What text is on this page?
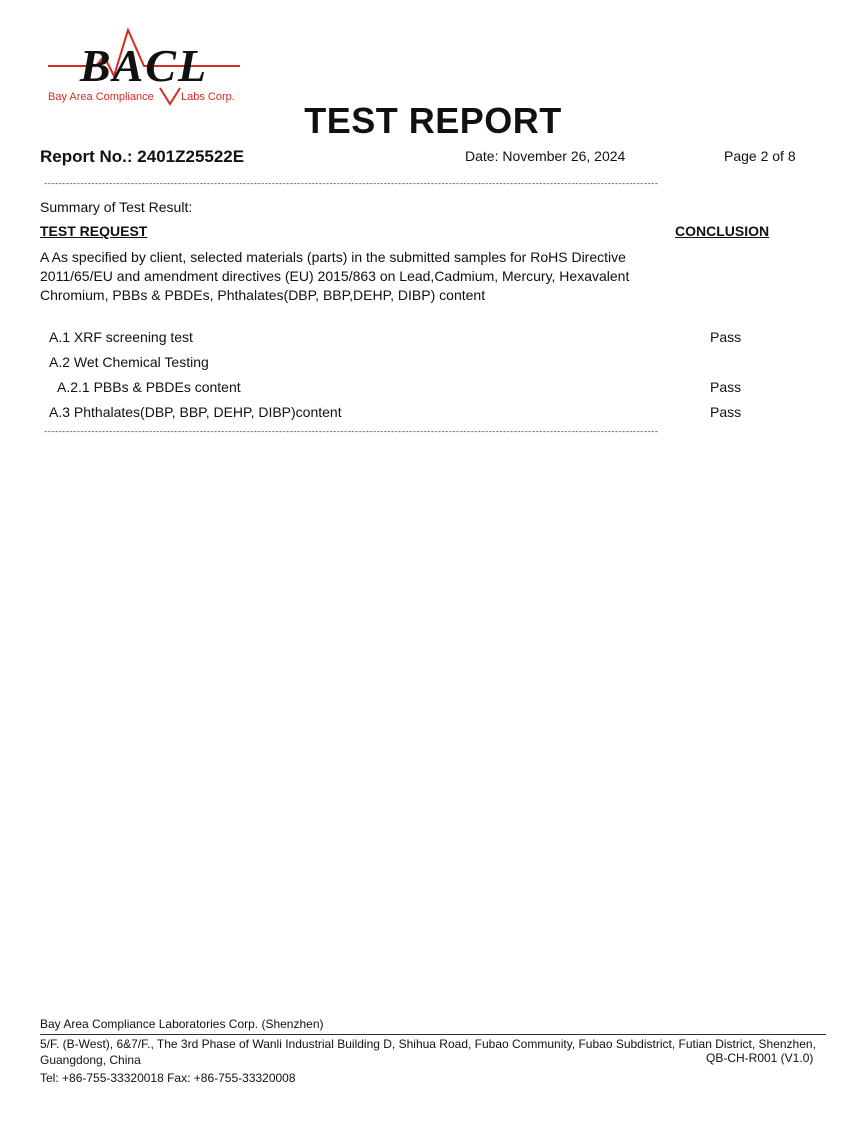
BACL
Bay Area Compliance Labs Corp.
TEST REPORT
Report No.: 2401Z25522E	Date: November 26, 2024	Page 2 of 8
**************************************************************************************************************************************************************************
Summary of Test Result:
TEST REQUEST	CONCLUSION
A As specified by client, selected materials (parts) in the submitted samples for RoHS Directive 2011/65/EU and amendment directives (EU) 2015/863 on Lead,Cadmium, Mercury, Hexavalent Chromium, PBBs & PBDEs, Phthalates(DBP, BBP,DEHP, DIBP) content
A.1 XRF screening test	Pass
A.2 Wet Chemical Testing
A.2.1 PBBs & PBDEs content	Pass
A.3 Phthalates(DBP, BBP, DEHP, DIBP)content	Pass
**************************************************************************************************************************************************************************
Bay Area Compliance Laboratories Corp. (Shenzhen)
5/F. (B-West), 6&7/F., The 3rd Phase of Wanli Industrial Building D, Shihua Road, Fubao Community, Fubao Subdistrict, Futian District, Shenzhen, Guangdong, China	QB-CH-R001 (V1.0)
Tel: +86-755-33320018 Fax: +86-755-33320008
